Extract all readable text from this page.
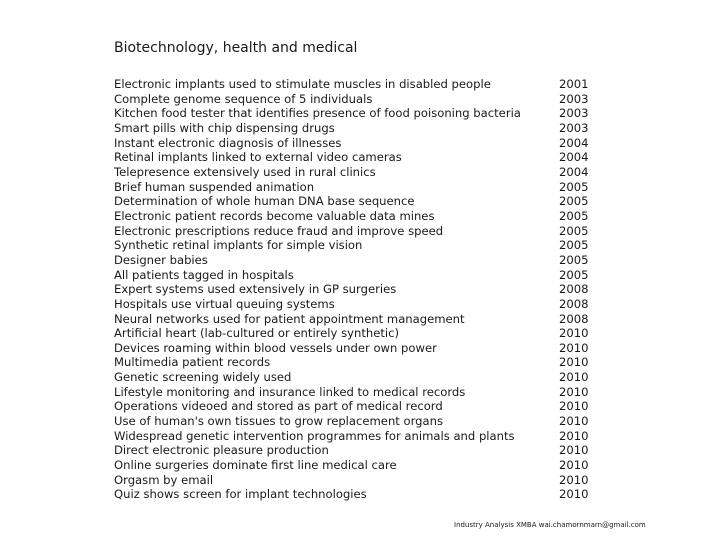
Biotechnology, health and medical
Electronic implants used to stimulate muscles in disabled people	2001
Complete genome sequence of 5 individuals	2003
Kitchen food tester that identifies presence of food poisoning bacteria	2003
Smart pills with chip dispensing drugs	2003
Instant electronic diagnosis of illnesses	2004
Retinal implants linked to external video cameras	2004
Telepresence extensively used in rural clinics	2004
Brief human suspended animation	2005
Determination of whole human DNA base sequence	2005
Electronic patient records become valuable data mines	2005
Electronic prescriptions reduce fraud and improve speed	2005
Synthetic retinal implants for simple vision	2005
Designer babies	2005
All patients tagged in hospitals	2005
Expert systems used extensively in GP surgeries	2008
Hospitals use virtual queuing systems	2008
Neural networks used for patient appointment management	2008
Artificial heart (lab-cultured or entirely synthetic)	2010
Devices roaming within blood vessels under own power	2010
Multimedia patient records	2010
Genetic screening widely used	2010
Lifestyle monitoring and insurance linked to medical records	2010
Operations videoed and stored as part of medical record	2010
Use of human's own tissues to grow replacement organs	2010
Widespread genetic intervention programmes for animals and plants	2010
Direct electronic pleasure production	2010
Online surgeries dominate first line medical care	2010
Orgasm by email	2010
Quiz shows screen for implant technologies	2010
Industry Analysis XMBA wai.chamornmarn@gmail.com
